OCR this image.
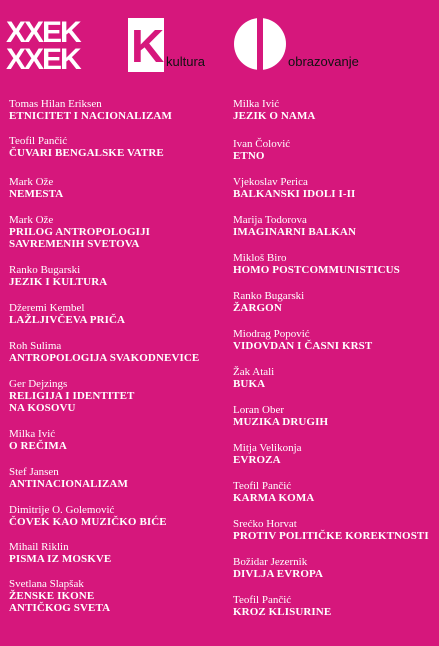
XXEK
XXEK K kultura	obrazovanje
Tomas Hilan Eriksen
ETNICITET I NACIONALIZAM
Teofil Pančić
ČUVARI BENGALSKE VATRE
Mark Ože
NEMESTA
Mark Ože
PRILOG ANTROPOLOGIJI
SAVREMENIH SVETOVA
Ranko Bugarski
JEZIK I KULTURA
Džeremi Kembel
LAŽLJIVČEVA PRIČA
Roh Sulima
ANTROPOLOGIJA SVAKODNEVICE
Ger Dejzings
RELIGIJA I IDENTITET
NA KOSOVU
Milka Ivić
O REČIMA
Stef Jansen
ANTINACIONALIZAM
Dimitrije O. Golemović
ČOVEK KAO MUZIČKO BIĆE
Mihail Riklin
PISMA IZ MOSKVE
Svetlana Slapšak
ŽENSKE IKONE
ANTIČKOG SVETA
Milka Ivić
JEZIK O NAMA
Ivan Čolović
ETNO
Vjekoslav Perica
BALKANSKI IDOLI I-II
Marija Todorova
IMAGINARNI BALKAN
Mikloš Biro
HOMO POSTCOMMUNISTICUS
Ranko Bugarski
ŽARGON
Miodrag Popović
VIDOVDAN I ČASNI KRST
Žak Atali
BUKA
Loran Ober
MUZIKA DRUGIH
Mitja Velikonja
EVROZA
Teofil Pančić
KARMA KOMA
Srećko Horvat
PROTIV POLITIČKE KOREKTNOSTI
Božidar Jezernik
DIVLJA EVROPA
Teofil Pančić
KROZ KLISURINE
